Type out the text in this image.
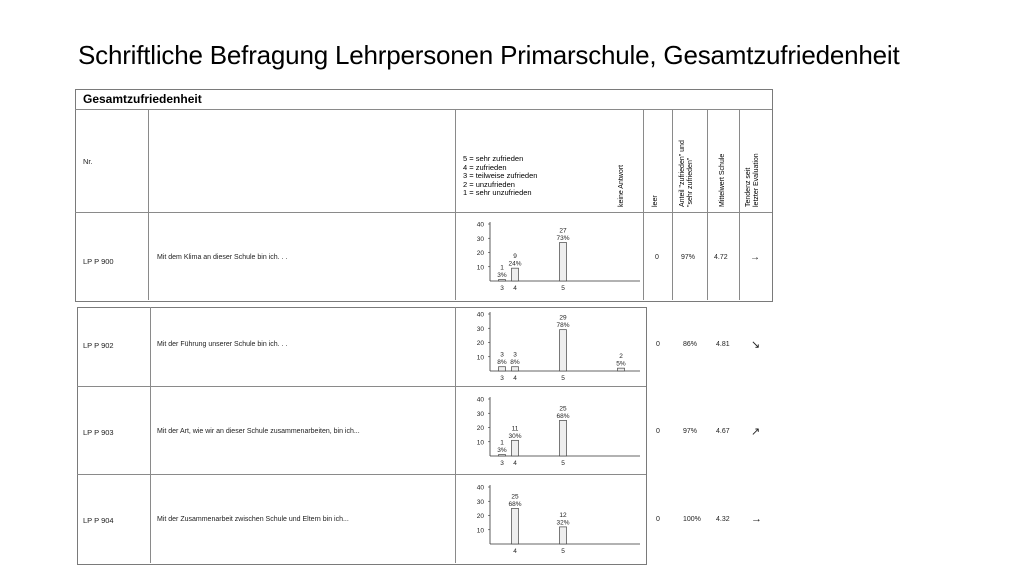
Schriftliche Befragung Lehrpersonen Primarschule, Gesamtzufriedenheit
Gesamtzufriedenheit
Nr.	5 = sehr zufrieden
4 = zufrieden
3 = teilweise zufrieden
2 = unzufrieden
1 = sehr unzufrieden	keine Antwort	leer	Anteil "zufrieden" und "sehr zufrieden"	Mittelwert Schule	Tendenz seit letzter Evaluation
LP P 900	Mit dem Klima an dieser Schule bin ich. . .	0	97%	4.72 →
LP P 902	Mit der Führung unserer Schule bin ich. . .	0	86%	4.81 ↘
LP P 903	Mit der Art, wie wir an dieser Schule zusammenarbeiten, bin ich...	0	97%	4.67 ↗
LP P 904	Mit der Zusammenarbeit zwischen Schule und Eltern bin ich...	0	100% 4.32 →
40
30
20
10 1
3%
3
9
24%
4
27
73%
5
40
30
20
10 3
8%
3
3
8%
4
29
78%
5
2
5%
40
30
20
10 1
3%
3
11
30%
4
25
68%
5
40
30
20
10
25
68%
4
12
32%
5
